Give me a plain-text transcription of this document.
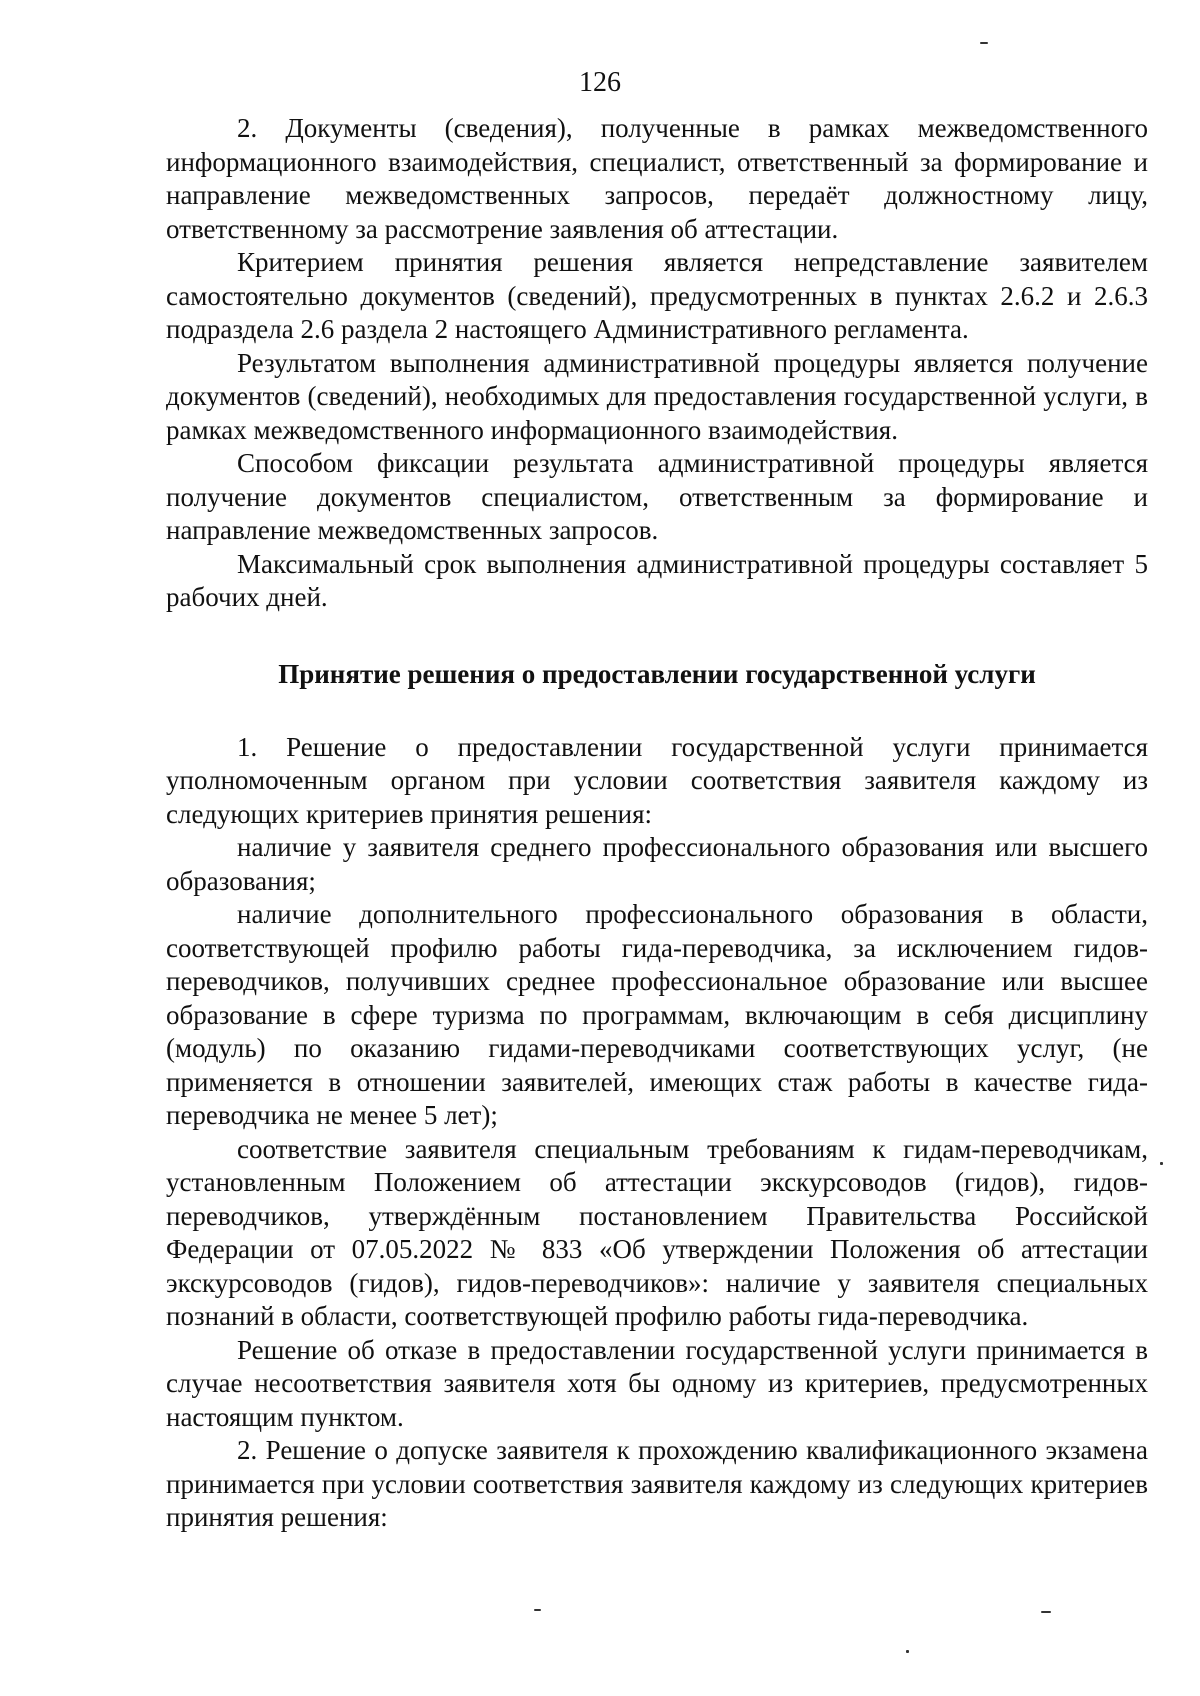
126

2. Документы (сведения), полученные в рамках межведомственного информационного взаимодействия, специалист, ответственный за формирование и направление межведомственных запросов, передаёт должностному лицу, ответственному за рассмотрение заявления об аттестации.

Критерием принятия решения является непредставление заявителем самостоятельно документов (сведений), предусмотренных в пунктах 2.6.2 и 2.6.3 подраздела 2.6 раздела 2 настоящего Административного регламента.

Результатом выполнения административной процедуры является получение документов (сведений), необходимых для предоставления государственной услуги, в рамках межведомственного информационного взаимодействия.

Способом фиксации результата административной процедуры является получение документов специалистом, ответственным за формирование и направление межведомственных запросов.

Максимальный срок выполнения административной процедуры составляет 5 рабочих дней.

Принятие решения о предоставлении государственной услуги

1. Решение о предоставлении государственной услуги принимается уполномоченным органом при условии соответствия заявителя каждому из следующих критериев принятия решения:

наличие у заявителя среднего профессионального образования или высшего образования;

наличие дополнительного профессионального образования в области, соответствующей профилю работы гида-переводчика, за исключением гидов-переводчиков, получивших среднее профессиональное образование или высшее образование в сфере туризма по программам, включающим в себя дисциплину (модуль) по оказанию гидами-переводчиками соответствующих услуг, (не применяется в отношении заявителей, имеющих стаж работы в качестве гида-переводчика не менее 5 лет);

соответствие заявителя специальным требованиям к гидам-переводчикам, установленным Положением об аттестации экскурсоводов (гидов), гидов-переводчиков, утверждённым постановлением Правительства Российской Федерации от 07.05.2022 № 833 «Об утверждении Положения об аттестации экскурсоводов (гидов), гидов-переводчиков»: наличие у заявителя специальных познаний в области, соответствующей профилю работы гида-переводчика.

Решение об отказе в предоставлении государственной услуги принимается в случае несоответствия заявителя хотя бы одному из критериев, предусмотренных настоящим пунктом.

2. Решение о допуске заявителя к прохождению квалификационного экзамена принимается при условии соответствия заявителя каждому из следующих критериев принятия решения:
